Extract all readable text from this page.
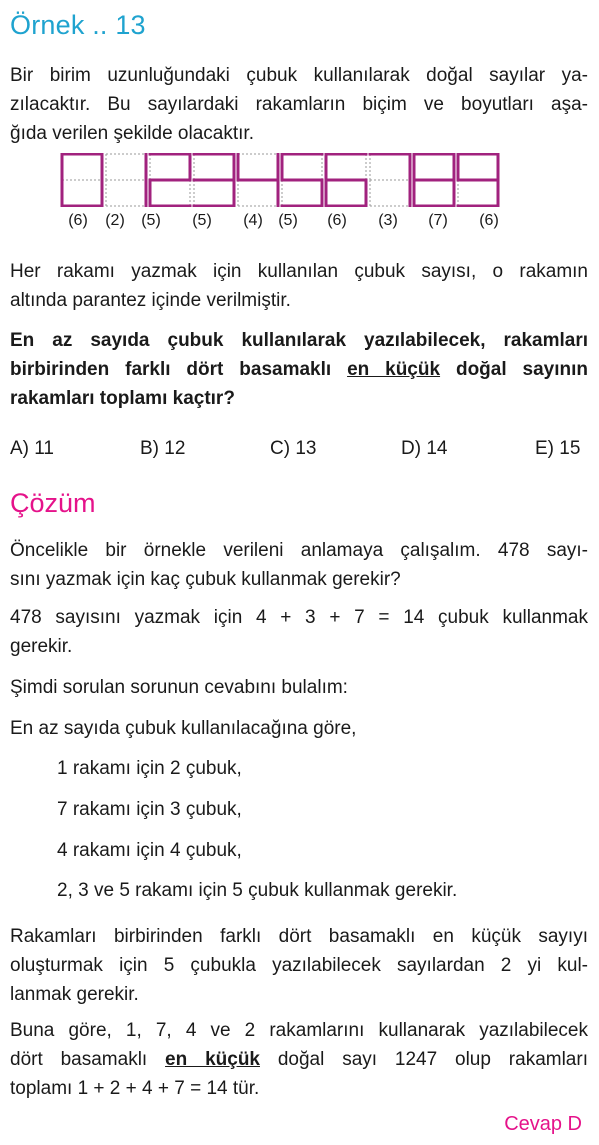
Örnek .. 13

Bir birim uzunluğundaki çubuk kullanılarak doğal sayılar ya-
zılacaktır. Bu sayılardaki rakamların biçim ve boyutları aşa-
ğıda verilen şekilde olacaktır.

(6) (2) (5) (5) (4) (5) (6) (3) (7) (6)

Her rakamı yazmak için kullanılan çubuk sayısı, o rakamın
altında parantez içinde verilmiştir.

En az sayıda çubuk kullanılarak yazılabilecek, rakamları
birbirinden farklı dört basamaklı en küçük doğal sayının
rakamları toplamı kaçtır?

A) 11	B) 12	C) 13	D) 14	E) 15
Çözüm

Öncelikle bir örnekle verileni anlamaya çalışalım. 478 sayı-
sını yazmak için kaç çubuk kullanmak gerekir?

478 sayısını yazmak için 4 + 3 + 7 = 14 çubuk kullanmak
gerekir.

Şimdi sorulan sorunun cevabını bulalım:

En az sayıda çubuk kullanılacağına göre,

1 rakamı için 2 çubuk,
7 rakamı için 3 çubuk,
4 rakamı için 4 çubuk,
2, 3 ve 5 rakamı için 5 çubuk kullanmak gerekir.

Rakamları birbirinden farklı dört basamaklı en küçük sayıyı
oluşturmak için 5 çubukla yazılabilecek sayılardan 2 yi kul-
lanmak gerekir.

Buna göre, 1, 7, 4 ve 2 rakamlarını kullanarak yazılabilecek
dört basamaklı en küçük doğal sayı 1247 olup rakamları
toplamı 1 + 2 + 4 + 7 = 14 tür.

Cevap D
